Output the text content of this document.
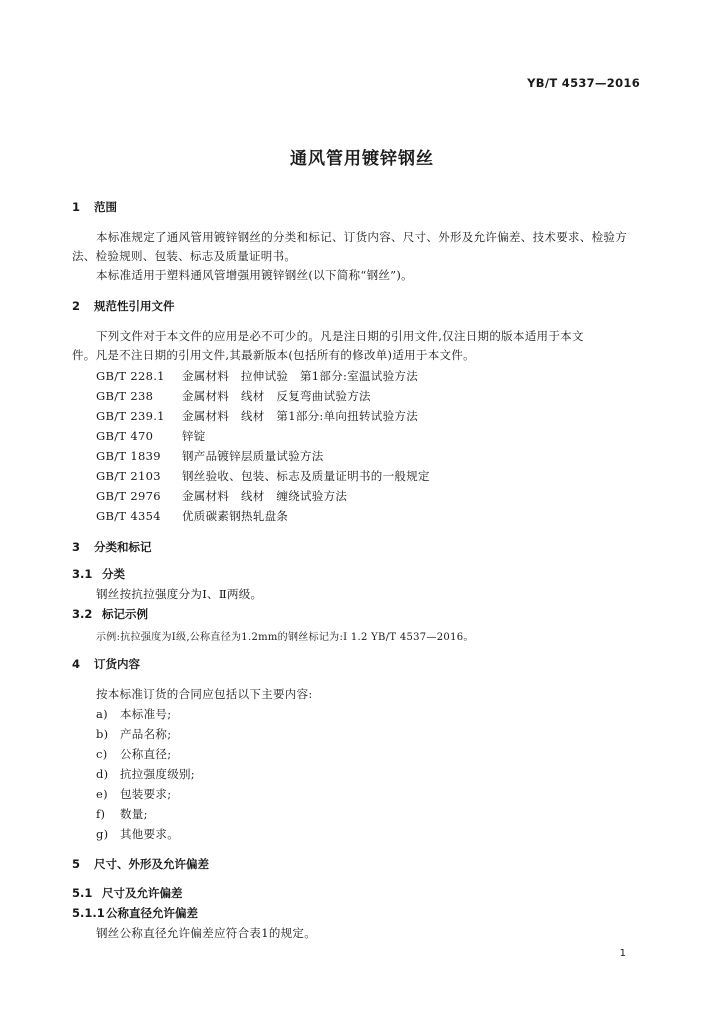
YB/T 4537—2016
通风管用镀锌钢丝
1 范围
本标准规定了通风管用镀锌钢丝的分类和标记、订货内容、尺寸、外形及允许偏差、技术要求、检验方
法、检验规则、包装、标志及质量证明书。
本标准适用于塑料通风管增强用镀锌钢丝(以下简称“钢丝”)。
2 规范性引用文件
下列文件对于本文件的应用是必不可少的。凡是注日期的引用文件,仅注日期的版本适用于本文
件。凡是不注日期的引用文件,其最新版本(包括所有的修改单)适用于本文件。
GB/T 228.1 金属材料　拉伸试验　第1部分:室温试验方法
GB/T 238	金属材料　线材　反复弯曲试验方法
GB/T 239.1 金属材料　线材　第1部分:单向扭转试验方法
GB/T 470	锌锭
GB/T 1839 钢产品镀锌层质量试验方法
GB/T 2103 钢丝验收、包装、标志及质量证明书的一般规定
GB/T 2976 金属材料　线材　缠绕试验方法
GB/T 4354 优质碳素钢热轧盘条
3 分类和标记
3.1 分类
钢丝按抗拉强度分为Ⅰ、Ⅱ两级。
3.2 标记示例
示例:抗拉强度为Ⅰ级,公称直径为1.2mm的钢丝标记为:Ⅰ 1.2 YB/T 4537—2016。
4 订货内容
按本标准订货的合同应包括以下主要内容:
a) 本标准号;
b) 产品名称;
c) 公称直径;
d) 抗拉强度级别;
e) 包装要求;
f) 数量;
g) 其他要求。
5 尺寸、外形及允许偏差
5.1 尺寸及允许偏差
5.1.1公称直径允许偏差
钢丝公称直径允许偏差应符合表1的规定。
1
